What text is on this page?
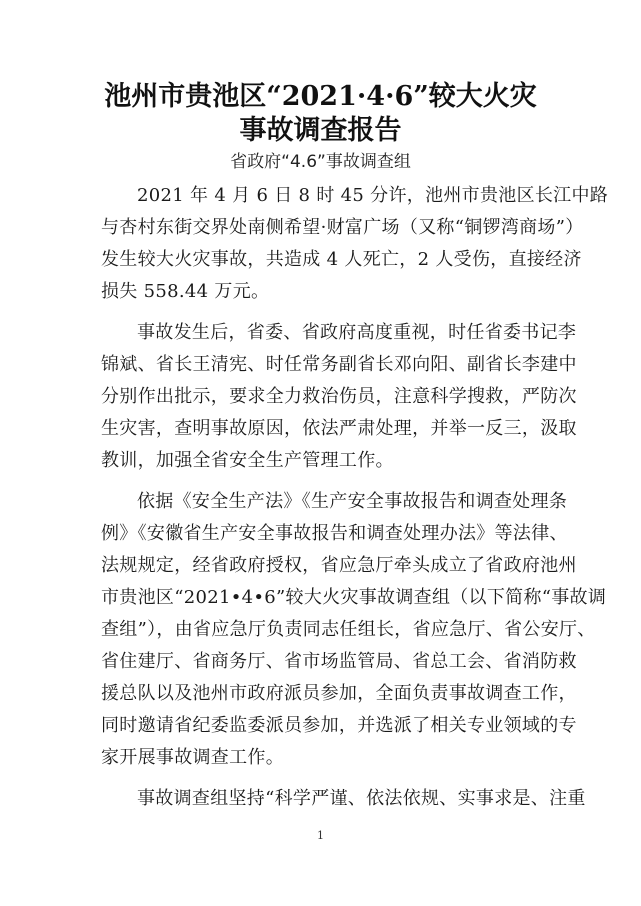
池州市贵池区“2021·4·6”较大火灾
事故调查报告
省政府“4.6”事故调查组
2021 年 4 月 6 日 8 时 45 分许，池州市贵池区长江中路
与杏村东街交界处南侧希望·财富广场（又称“铜锣湾商场”）
发生较大火灾事故，共造成 4 人死亡，2 人受伤，直接经济
损失 558.44 万元。
事故发生后，省委、省政府高度重视，时任省委书记李
锦斌、省长王清宪、时任常务副省长邓向阳、副省长李建中
分别作出批示，要求全力救治伤员，注意科学搜救，严防次
生灾害，查明事故原因，依法严肃处理，并举一反三，汲取
教训，加强全省安全生产管理工作。
依据《安全生产法》《生产安全事故报告和调查处理条
例》《安徽省生产安全事故报告和调查处理办法》等法律、
法规规定，经省政府授权，省应急厅牵头成立了省政府池州
市贵池区“2021•4•6”较大火灾事故调查组（以下简称“事故调
查组”），由省应急厅负责同志任组长，省应急厅、省公安厅、
省住建厅、省商务厅、省市场监管局、省总工会、省消防救
援总队以及池州市政府派员参加，全面负责事故调查工作，
同时邀请省纪委监委派员参加，并选派了相关专业领域的专
家开展事故调查工作。
事故调查组坚持“科学严谨、依法依规、实事求是、注重
1
